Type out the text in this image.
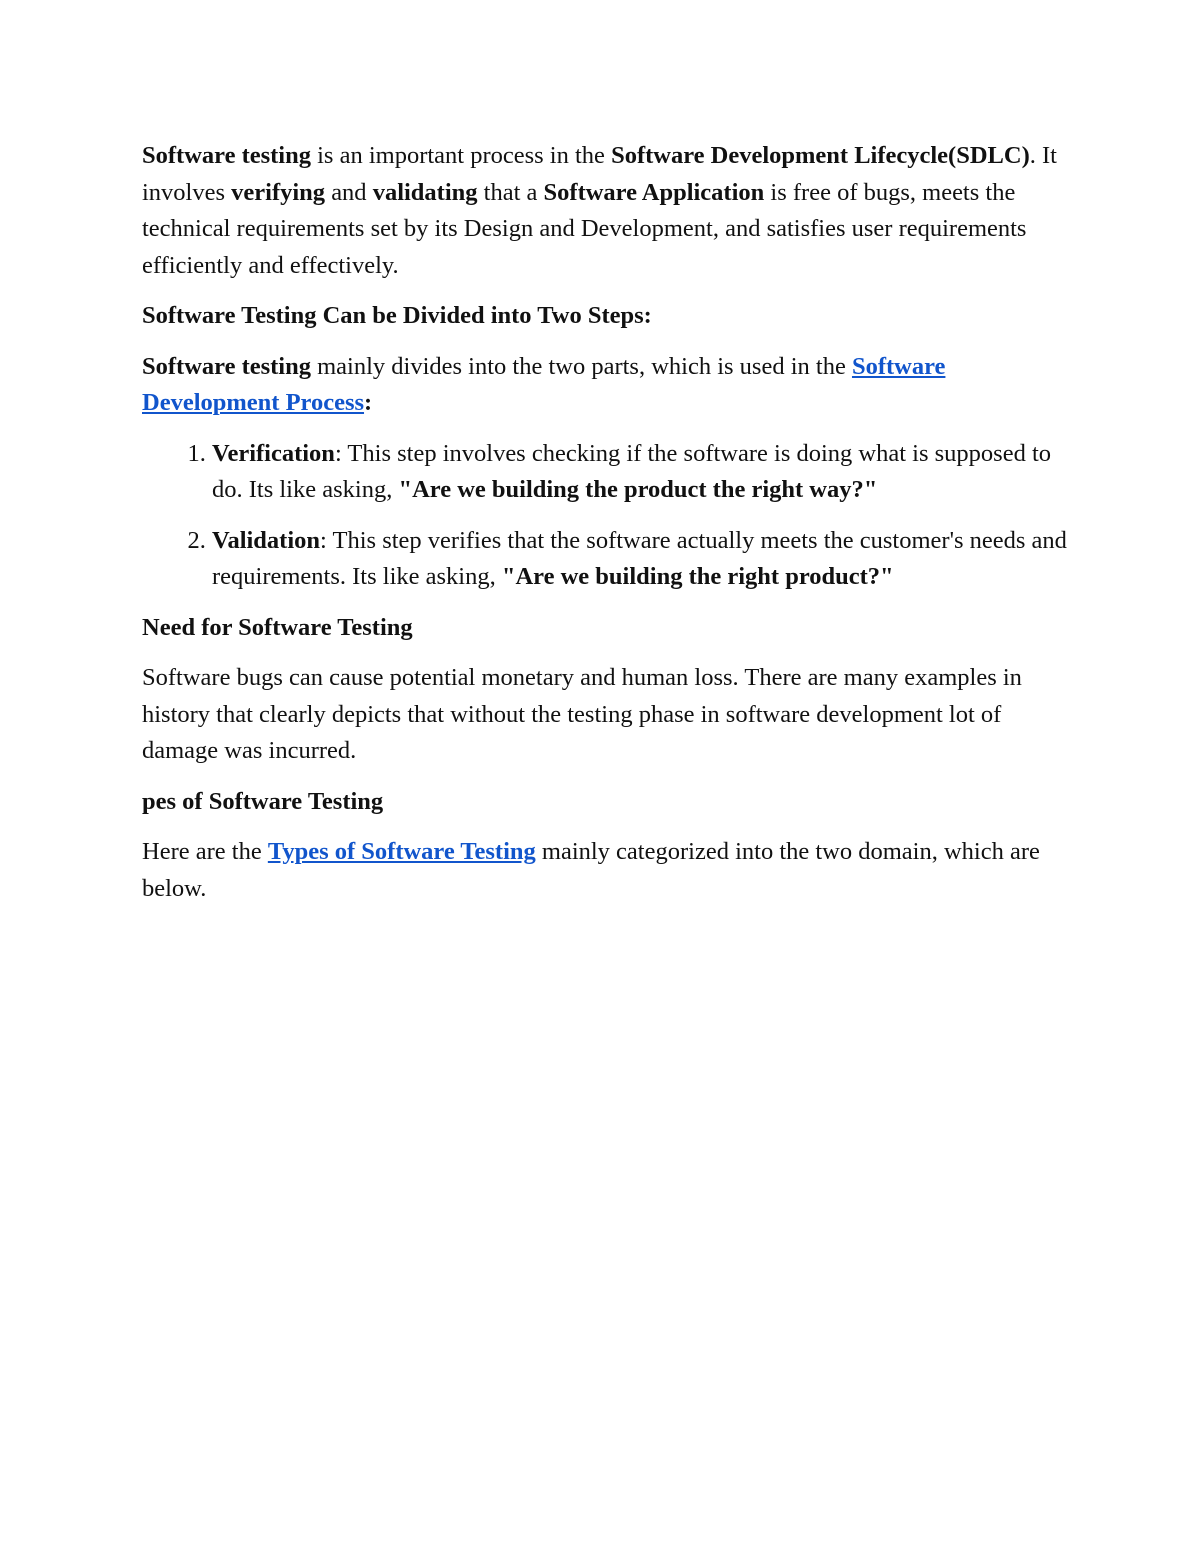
Software testing is an important process in the Software Development Lifecycle(SDLC). It involves verifying and validating that a Software Application is free of bugs, meets the technical requirements set by its Design and Development, and satisfies user requirements efficiently and effectively.

Software Testing Can be Divided into Two Steps:

Software testing mainly divides into the two parts, which is used in the Software Development Process:

1. Verification: This step involves checking if the software is doing what is supposed to do. Its like asking, "Are we building the product the right way?"
2. Validation: This step verifies that the software actually meets the customer's needs and requirements. Its like asking, "Are we building the right product?"

Need for Software Testing

Software bugs can cause potential monetary and human loss. There are many examples in history that clearly depicts that without the testing phase in software development lot of damage was incurred.

pes of Software Testing

Here are the Types of Software Testing mainly categorized into the two domain, which are below.
